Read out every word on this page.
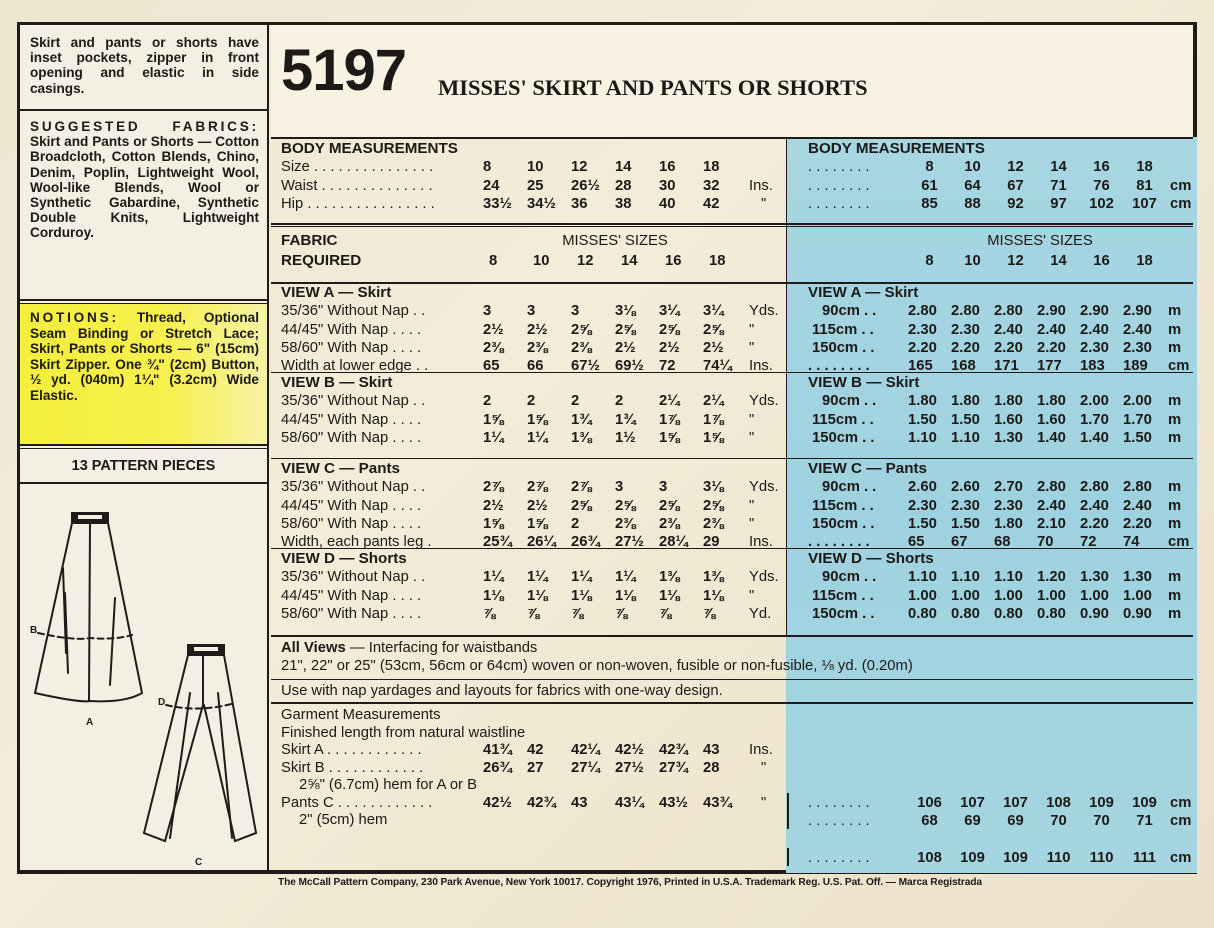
Skirt and pants or shorts have inset pockets, zipper in front opening and elastic in side casings.
SUGGESTED FABRICS: Skirt and Pants or Shorts — Cotton Broadcloth, Cotton Blends, Chino, Denim, Poplin, Lightweight Wool, Wool-like Blends, Wool or Synthetic Gabardine, Synthetic Double Knits, Lightweight Corduroy.
NOTIONS: Thread, Optional Seam Binding or Stretch Lace; Skirt, Pants or Shorts — 6" (15cm) Skirt Zipper. One ¾" (2cm) Button, ½ yd. (040m) 1¼" (3.2cm) Wide Elastic.
13 PATTERN PIECES
B
A
D
C
5197 MISSES' SKIRT AND PANTS OR SHORTS
BODY MEASUREMENTS
Size . . . . . . . . . . . . . . .	8	10	12	14	16	18
Waist . . . . . . . . . . . . . .	24	25	26½	28	30	32	Ins.
Hip . . . . . . . . . . . . . . . .	33½	34½	36	38	40	42	"
BODY MEASUREMENTS
. . . . . . . .	8	10	12	14	16	18
. . . . . . . .	61	64	67	71	76	81	cm
. . . . . . . .	85	88	92	97	102	107 cm
FABRIC	MISSES' SIZES
REQUIRED	8	10	12	14	16	18
MISSES' SIZES
8	10	12	14	16	18
VIEW A — Skirt
35/36" Without Nap . .	3	3	3	3⅛	3¼	3¼	Yds.
44/45" With Nap . . . .	2½	2½	2⅝	2⅝	2⅝	2⅝	"
58/60" With Nap . . . .	2⅜	2⅜	2⅜	2½	2½	2½	"
Width at lower edge . .	65	66	67½	69½	72	74¼	Ins.
VIEW B — Skirt
35/36" Without Nap . .	2	2	2	2	2¼	2¼	Yds.
44/45" With Nap . . . .	1⅝	1⅝	1¾	1¾	1⅞	1⅞	"
58/60" With Nap . . . .	1¼	1¼	1⅜	1½	1⅝	1⅝	"
VIEW C — Pants
35/36" Without Nap . .	2⅞	2⅞	2⅞	3	3	3⅛	Yds.
44/45" With Nap . . . .	2½	2½	2⅝	2⅝	2⅝	2⅝	"
58/60" With Nap . . . .	1⅝	1⅝	2	2⅜	2⅜	2⅜	"
Width, each pants leg .	25¾	26¼	26¾	27½	28¼	29	Ins.
VIEW D — Shorts
35/36" Without Nap . .	1¼	1¼	1¼	1¼	1⅜	1⅜	Yds.
44/45" With Nap . . . .	1⅛	1⅛	1⅛	1⅛	1⅛	1⅛	"
58/60" With Nap . . . .	⅞	⅞	⅞	⅞	⅞	⅞	Yd.
VIEW A — Skirt
90cm . .	2.80 2.80 2.80 2.90 2.90 2.90	m
115cm . .	2.30 2.30 2.40 2.40 2.40 2.40	m
150cm . .	2.20 2.20 2.20 2.20 2.30 2.30	m
. . . . . . . .	165	168	171	177	183	189	cm
VIEW B — Skirt
90cm . .	1.80 1.80 1.80 1.80 2.00 2.00	m
115cm . .	1.50 1.50 1.60 1.60 1.70 1.70	m
150cm . .	1.10 1.10 1.30 1.40 1.40 1.50	m
VIEW C — Pants
90cm . .	2.60 2.60 2.70 2.80 2.80 2.80	m
115cm . .	2.30 2.30 2.30 2.40 2.40 2.40	m
150cm . .	1.50 1.50 1.80 2.10 2.20 2.20	m
. . . . . . . .	65	67	68	70	72	74	cm
VIEW D — Shorts
90cm . .	1.10 1.10 1.10 1.20 1.30 1.30	m
115cm . .	1.00 1.00 1.00 1.00 1.00 1.00	m
150cm . .	0.80 0.80 0.80 0.80 0.90 0.90	m
All Views — Interfacing for waistbands
21", 22" or 25" (53cm, 56cm or 64cm) woven or non-woven, fusible or non-fusible, ⅛ yd. (0.20m)
Use with nap yardages and layouts for fabrics with one-way design.
Garment Measurements
Finished length from natural waistline
Skirt A . . . . . . . . . . . .	41¾	42	42¼	42½	42¾	43	Ins.
Skirt B . . . . . . . . . . . .	26¾	27	27¼	27½	27¾	28	"
2⅝" (6.7cm) hem for A or B
Pants C . . . . . . . . . . . .	42½	42¾	43	43¼	43½	43¾	"
2" (5cm) hem
. . . . . . . .	106	107	107	108	109	109 cm
. . . . . . . .	68	69	69	70	70	71	cm
. . . . . . . .	108	109	109	110	110	111 cm
The McCall Pattern Company, 230 Park Avenue, New York 10017. Copyright 1976, Printed in U.S.A. Trademark Reg. U.S. Pat. Off. — Marca Registrada
